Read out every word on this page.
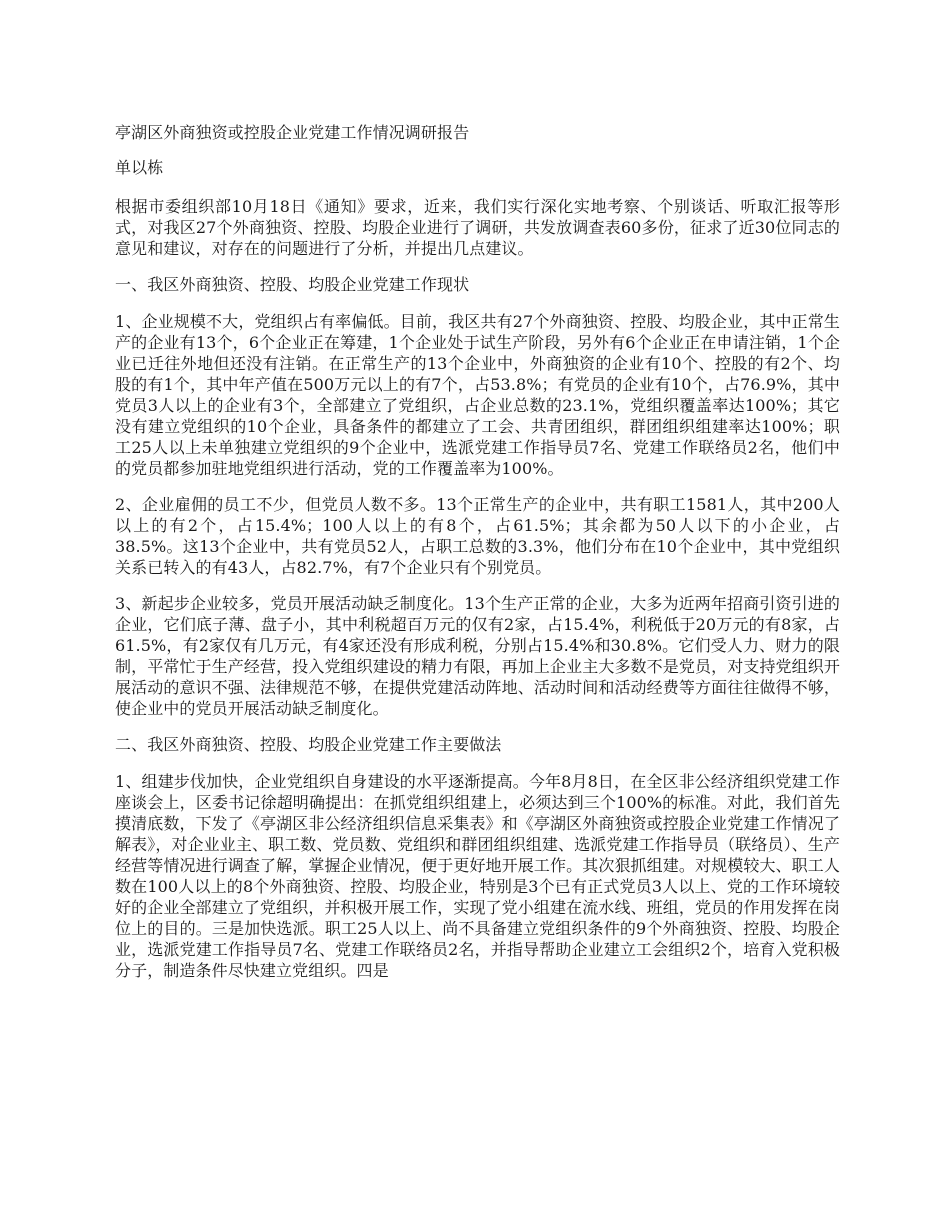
亭湖区外商独资或控股企业党建工作情况调研报告

单以栋

根据市委组织部10月18日《通知》要求，近来，我们实行深化实地考察、个别谈话、听取汇报等形式，对我区27个外商独资、控股、均股企业进行了调研，共发放调查表60多份，征求了近30位同志的意见和建议，对存在的问题进行了分析，并提出几点建议。

一、我区外商独资、控股、均股企业党建工作现状

1、企业规模不大，党组织占有率偏低。目前，我区共有27个外商独资、控股、均股企业，其中正常生产的企业有13个，6个企业正在筹建，1个企业处于试生产阶段，另外有6个企业正在申请注销，1个企业已迁往外地但还没有注销。在正常生产的13个企业中，外商独资的企业有10个、控股的有2个、均股的有1个，其中年产值在500万元以上的有7个，占53.8%；有党员的企业有10个，占76.9%，其中党员3人以上的企业有3个，全部建立了党组织，占企业总数的23.1%，党组织覆盖率达100%；其它没有建立党组织的10个企业，具备条件的都建立了工会、共青团组织，群团组织组建率达100%；职工25人以上未单独建立党组织的9个企业中，选派党建工作指导员7名、党建工作联络员2名，他们中的党员都参加驻地党组织进行活动，党的工作覆盖率为100%。

2、企业雇佣的员工不少，但党员人数不多。13个正常生产的企业中，共有职工1581人，其中200人以上的有2个，占15.4%；100人以上的有8个，占61.5%；其余都为50人以下的小企业，占38.5%。这13个企业中，共有党员52人，占职工总数的3.3%，他们分布在10个企业中，其中党组织关系已转入的有43人，占82.7%，有7个企业只有个别党员。

3、新起步企业较多，党员开展活动缺乏制度化。13个生产正常的企业，大多为近两年招商引资引进的企业，它们底子薄、盘子小，其中利税超百万元的仅有2家，占15.4%，利税低于20万元的有8家，占61.5%，有2家仅有几万元，有4家还没有形成利税，分别占15.4%和30.8%。它们受人力、财力的限制，平常忙于生产经营，投入党组织建设的精力有限，再加上企业主大多数不是党员，对支持党组织开展活动的意识不强、法律规范不够，在提供党建活动阵地、活动时间和活动经费等方面往往做得不够，使企业中的党员开展活动缺乏制度化。

二、我区外商独资、控股、均股企业党建工作主要做法

1、组建步伐加快，企业党组织自身建设的水平逐渐提高。今年8月8日，在全区非公经济组织党建工作座谈会上，区委书记徐超明确提出：在抓党组织组建上，必须达到三个100%的标准。对此，我们首先摸清底数，下发了《亭湖区非公经济组织信息采集表》和《亭湖区外商独资或控股企业党建工作情况了解表》，对企业业主、职工数、党员数、党组织和群团组织组建、选派党建工作指导员（联络员）、生产经营等情况进行调查了解，掌握企业情况，便于更好地开展工作。其次狠抓组建。对规模较大、职工人数在100人以上的8个外商独资、控股、均股企业，特别是3个已有正式党员3人以上、党的工作环境较好的企业全部建立了党组织，并积极开展工作，实现了党小组建在流水线、班组，党员的作用发挥在岗位上的目的。三是加快选派。职工25人以上、尚不具备建立党组织条件的9个外商独资、控股、均股企业，选派党建工作指导员7名、党建工作联络员2名，并指导帮助企业建立工会组织2个，培育入党积极分子，制造条件尽快建立党组织。四是
